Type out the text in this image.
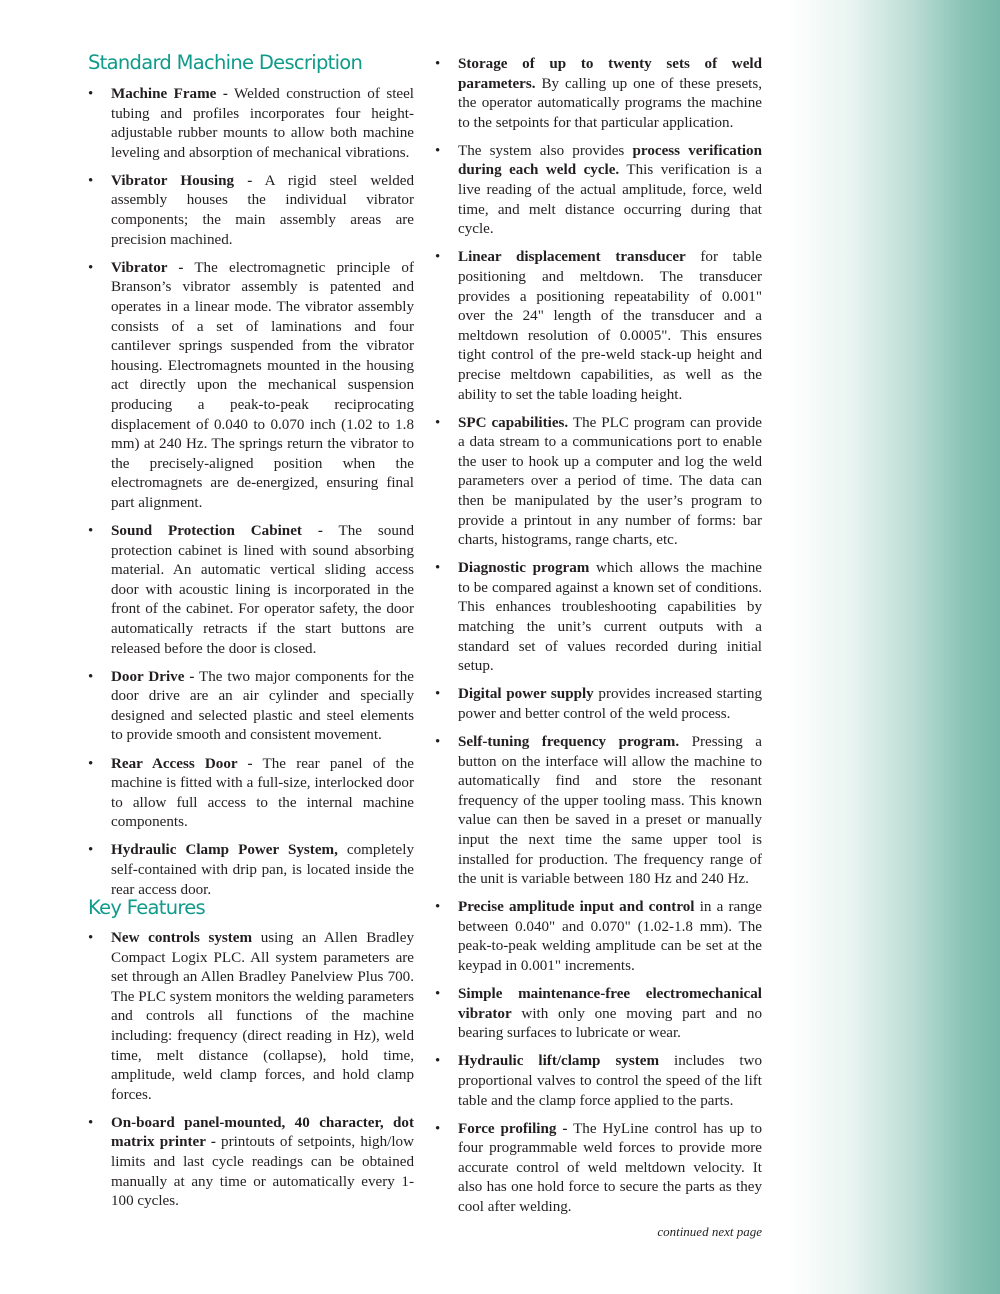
Standard Machine Description
• Machine Frame - Welded construction of steel tubing and profiles incorporates four height-adjustable rubber mounts to allow both machine leveling and absorption of mechanical vibrations.
• Vibrator Housing - A rigid steel welded assembly houses the individual vibrator components; the main assembly areas are precision machined.
• Vibrator - The electromagnetic principle of Branson’s vibrator assembly is patented and operates in a linear mode. The vibrator assembly consists of a set of laminations and four cantilever springs suspended from the vibrator housing. Electromagnets mounted in the housing act directly upon the mechanical suspension producing a peak-to-peak reciprocating displacement of 0.040 to 0.070 inch (1.02 to 1.8 mm) at 240 Hz. The springs return the vibrator to the precisely-aligned position when the electromagnets are de-energized, ensuring final part alignment.
• Sound Protection Cabinet - The sound protection cabinet is lined with sound absorbing material. An automatic vertical sliding access door with acoustic lining is incorporated in the front of the cabinet. For operator safety, the door automatically retracts if the start buttons are released before the door is closed.
• Door Drive - The two major components for the door drive are an air cylinder and specially designed and selected plastic and steel elements to provide smooth and consistent movement.
• Rear Access Door - The rear panel of the machine is fitted with a full-size, interlocked door to allow full access to the internal machine components.
• Hydraulic Clamp Power System, completely self-contained with drip pan, is located inside the rear access door.
Key Features
• New controls system using an Allen Bradley Compact Logix PLC. All system parameters are set through an Allen Bradley Panelview Plus 700. The PLC system monitors the welding parameters and controls all functions of the machine including: frequency (direct reading in Hz), weld time, melt distance (collapse), hold time, amplitude, weld clamp forces, and hold clamp forces.
• On-board panel-mounted, 40 character, dot matrix printer - printouts of setpoints, high/low limits and last cycle readings can be obtained manually at any time or automatically every 1-100 cycles.
• Storage of up to twenty sets of weld parameters. By calling up one of these presets, the operator automatically programs the machine to the setpoints for that particular application.
• The system also provides process verification during each weld cycle. This verification is a live reading of the actual amplitude, force, weld time, and melt distance occurring during that cycle.
• Linear displacement transducer for table positioning and meltdown. The transducer provides a positioning repeatability of 0.001" over the 24" length of the transducer and a meltdown resolution of 0.0005". This ensures tight control of the pre-weld stack-up height and precise meltdown capabilities, as well as the ability to set the table loading height.
• SPC capabilities. The PLC program can provide a data stream to a communications port to enable the user to hook up a computer and log the weld parameters over a period of time. The data can then be manipulated by the user’s program to provide a printout in any number of forms: bar charts, histograms, range charts, etc.
• Diagnostic program which allows the machine to be compared against a known set of conditions. This enhances troubleshooting capabilities by matching the unit’s current outputs with a standard set of values recorded during initial setup.
• Digital power supply provides increased starting power and better control of the weld process.
• Self-tuning frequency program. Pressing a button on the interface will allow the machine to automatically find and store the resonant frequency of the upper tooling mass. This known value can then be saved in a preset or manually input the next time the same upper tool is installed for production. The frequency range of the unit is variable between 180 Hz and 240 Hz.
• Precise amplitude input and control in a range between 0.040" and 0.070" (1.02-1.8 mm). The peak-to-peak welding amplitude can be set at the keypad in 0.001" increments.
• Simple maintenance-free electromechanical vibrator with only one moving part and no bearing surfaces to lubricate or wear.
• Hydraulic lift/clamp system includes two proportional valves to control the speed of the lift table and the clamp force applied to the parts.
• Force profiling - The HyLine control has up to four programmable weld forces to provide more accurate control of weld meltdown velocity. It also has one hold force to secure the parts as they cool after welding.
continued next page
